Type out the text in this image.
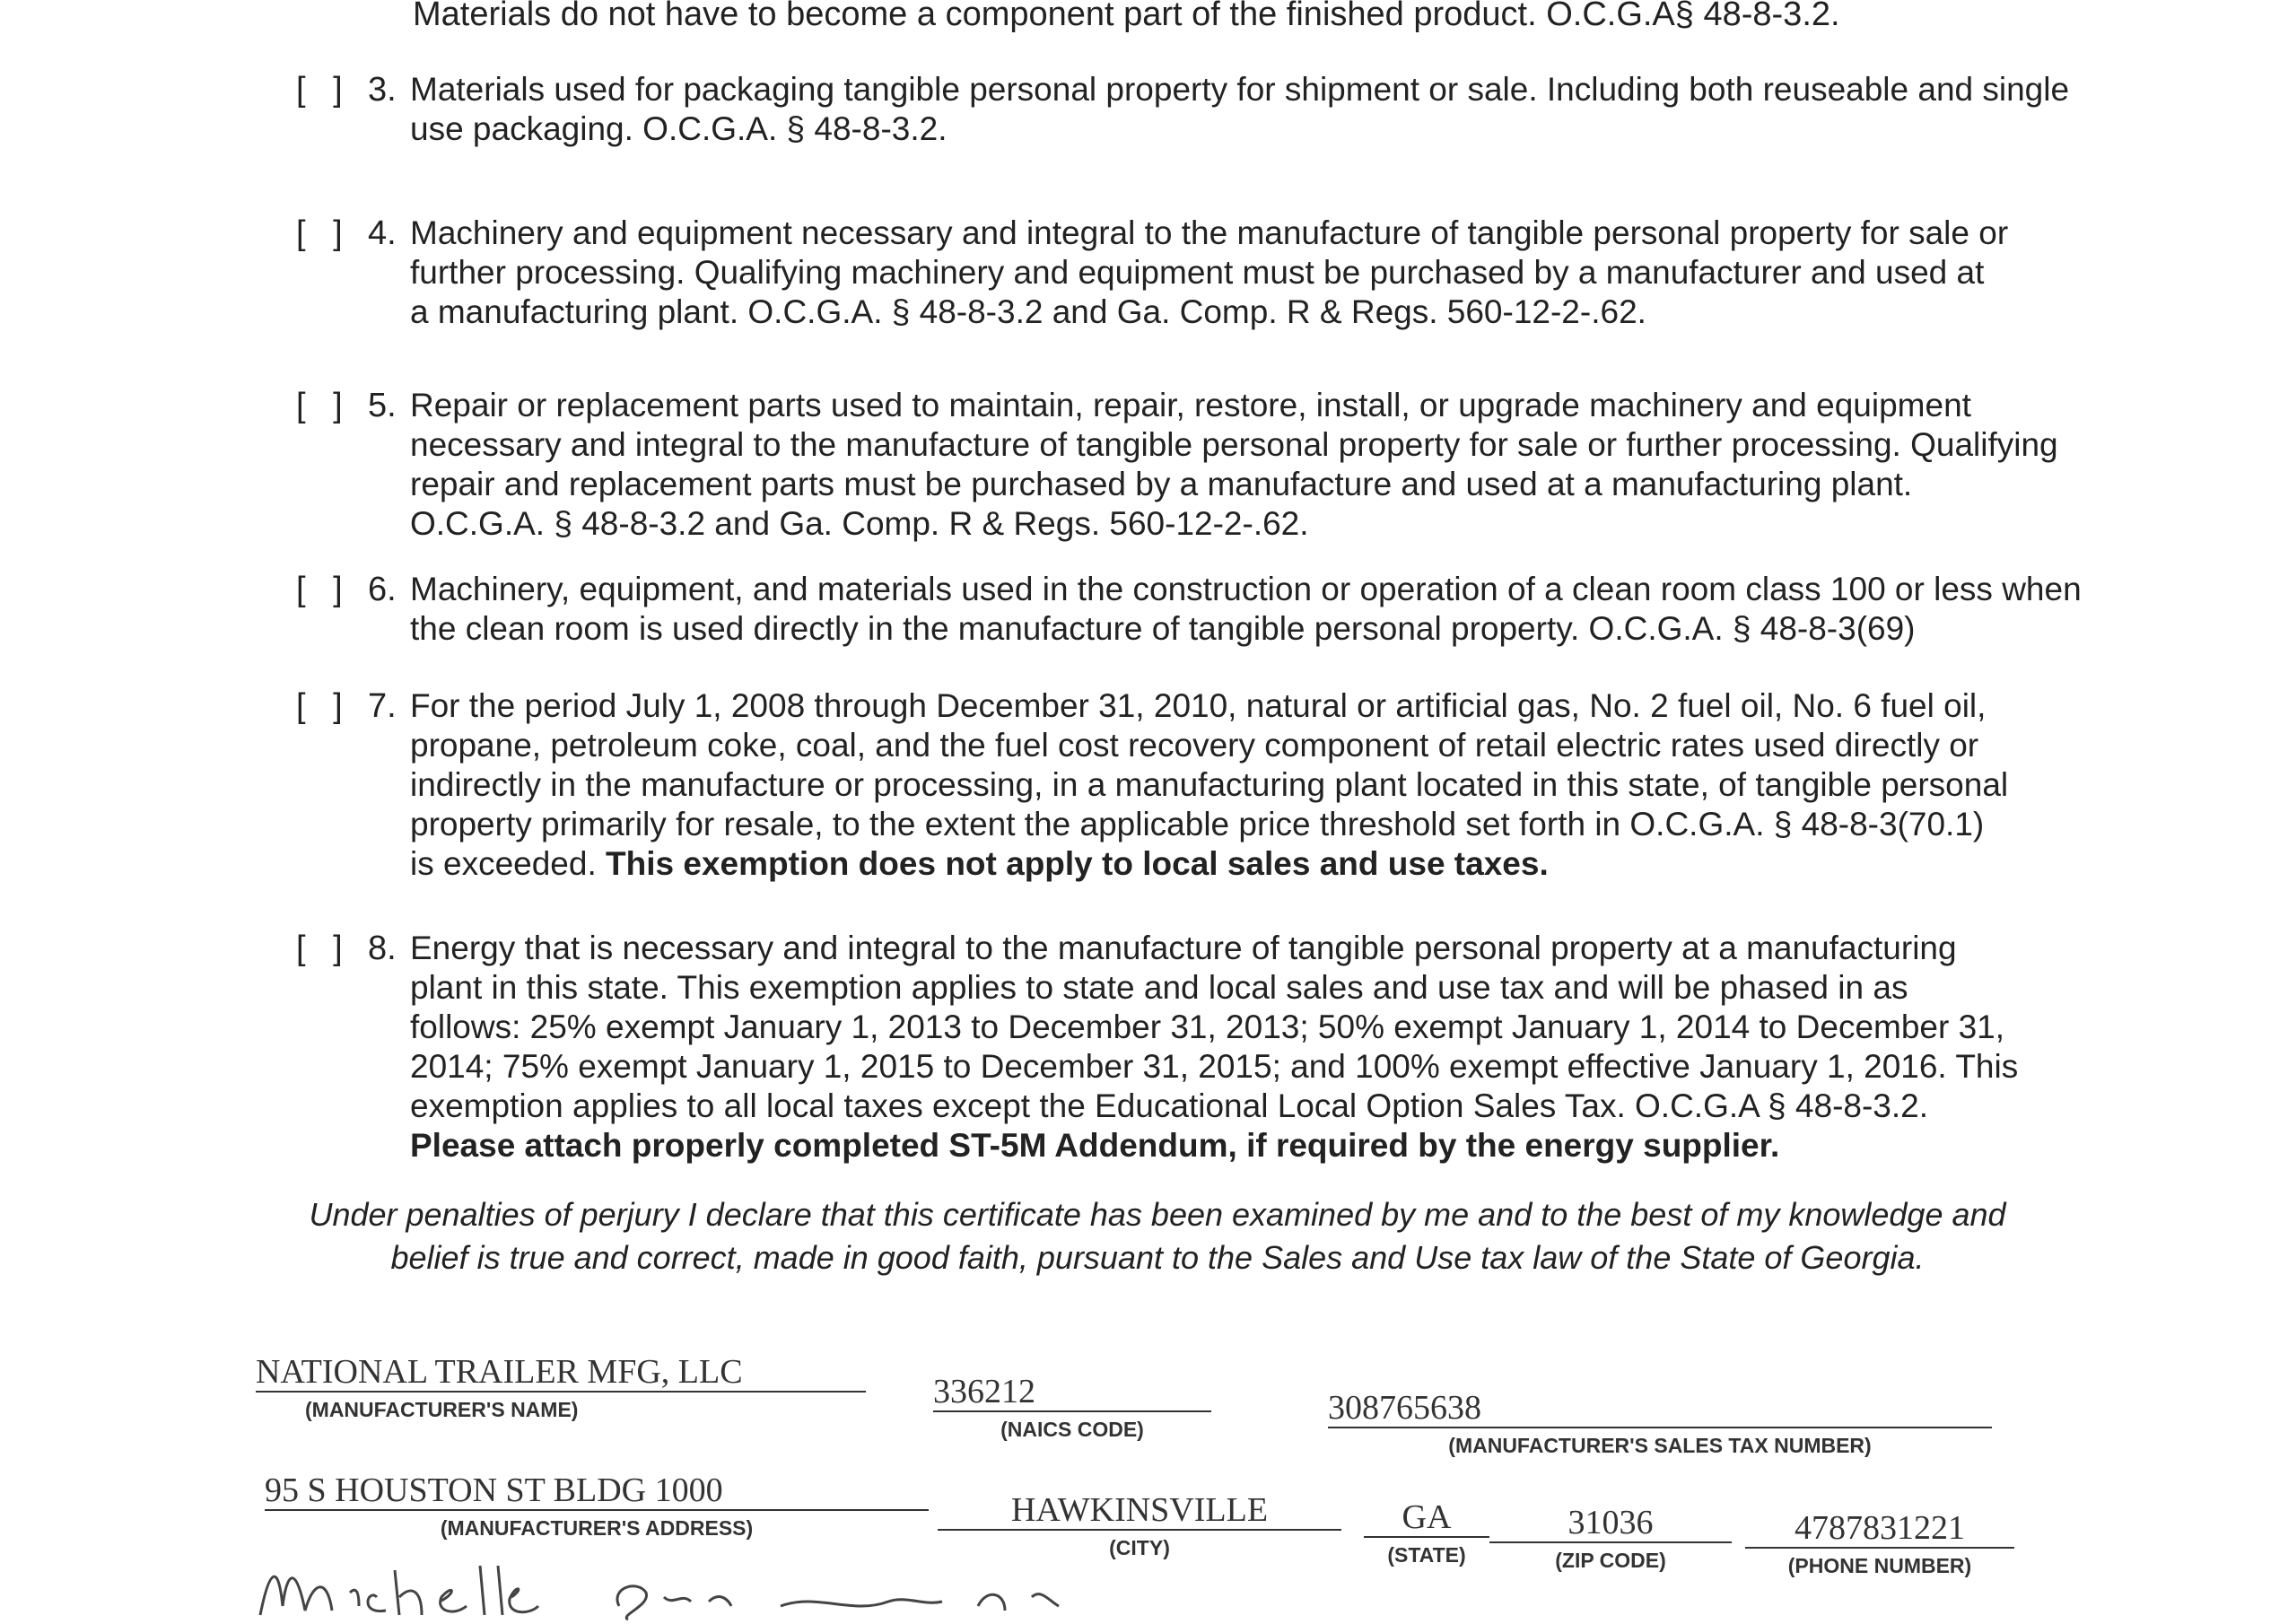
Materials do not have to become a component part of the finished product. O.C.G.A§ 48-8-3.2.
[ ] 3. Materials used for packaging tangible personal property for shipment or sale. Including both reuseable and single
use packaging. O.C.G.A. § 48-8-3.2.
[ ] 4. Machinery and equipment necessary and integral to the manufacture of tangible personal property for sale or
further processing. Qualifying machinery and equipment must be purchased by a manufacturer and used at
a manufacturing plant. O.C.G.A. § 48-8-3.2 and Ga. Comp. R & Regs. 560-12-2-.62.
[ ] 5. Repair or replacement parts used to maintain, repair, restore, install, or upgrade machinery and equipment
necessary and integral to the manufacture of tangible personal property for sale or further processing. Qualifying
repair and replacement parts must be purchased by a manufacture and used at a manufacturing plant.
O.C.G.A. § 48-8-3.2 and Ga. Comp. R & Regs. 560-12-2-.62.
[ ] 6. Machinery, equipment, and materials used in the construction or operation of a clean room class 100 or less when
the clean room is used directly in the manufacture of tangible personal property. O.C.G.A. § 48-8-3(69)
[ ] 7. For the period July 1, 2008 through December 31, 2010, natural or artificial gas, No. 2 fuel oil, No. 6 fuel oil,
propane, petroleum coke, coal, and the fuel cost recovery component of retail electric rates used directly or
indirectly in the manufacture or processing, in a manufacturing plant located in this state, of tangible personal
property primarily for resale, to the extent the applicable price threshold set forth in O.C.G.A. § 48-8-3(70.1)
is exceeded. This exemption does not apply to local sales and use taxes.
[ ] 8. Energy that is necessary and integral to the manufacture of tangible personal property at a manufacturing
plant in this state. This exemption applies to state and local sales and use tax and will be phased in as
follows: 25% exempt January 1, 2013 to December 31, 2013; 50% exempt January 1, 2014 to December 31,
2014; 75% exempt January 1, 2015 to December 31, 2015; and 100% exempt effective January 1, 2016. This
exemption applies to all local taxes except the Educational Local Option Sales Tax. O.C.G.A § 48-8-3.2.
Please attach properly completed ST-5M Addendum, if required by the energy supplier.
Under penalties of perjury I declare that this certificate has been examined by me and to the best of my knowledge and
belief is true and correct, made in good faith, pursuant to the Sales and Use tax law of the State of Georgia.
NATIONAL TRAILER MFG, LLC
(MANUFACTURER'S NAME)	336212
(NAICS CODE)
308765638
(MANUFACTURER'S SALES TAX NUMBER)
95 S HOUSTON ST BLDG 1000
(MANUFACTURER'S ADDRESS)	HAWKINSVILLE
(CITY)
GA
(STATE)
31036
(ZIP CODE)
4787831221
(PHONE NUMBER)
